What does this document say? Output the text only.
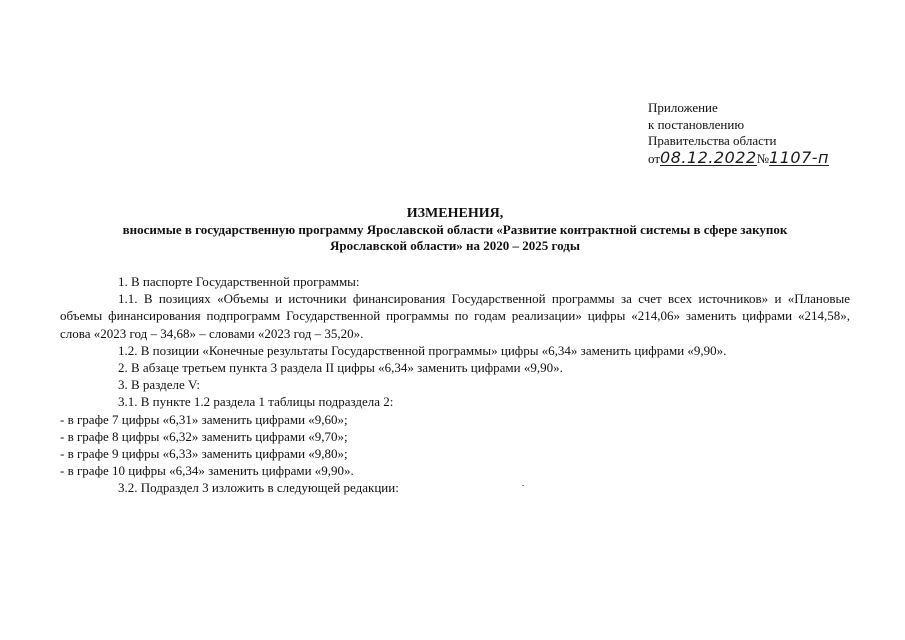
Приложение
к постановлению
Правительства области
от08.12.2022№1107-п
ИЗМЕНЕНИЯ,
вносимые в государственную программу Ярославской области «Развитие контрактной системы в сфере закупок
Ярославской области» на 2020 – 2025 годы

1. В паспорте Государственной программы:

1.1. В позициях «Объемы и источники финансирования Государственной программы за счет всех источников» и «Плановые объемы финансирования подпрограмм Государственной программы по годам реализации» цифры «214,06» заменить цифрами «214,58», слова «2023 год – 34,68» – словами «2023 год – 35,20».

1.2. В позиции «Конечные результаты Государственной программы» цифры «6,34» заменить цифрами «9,90».

2. В абзаце третьем пункта 3 раздела II цифры «6,34» заменить цифрами «9,90».

3. В разделе V:

3.1. В пункте 1.2 раздела 1 таблицы подраздела 2:

- в графе 7 цифры «6,31» заменить цифрами «9,60»;

- в графе 8 цифры «6,32» заменить цифрами «9,70»;

- в графе 9 цифры «6,33» заменить цифрами «9,80»;

- в графе 10 цифры «6,34» заменить цифрами «9,90».

3.2. Подраздел 3 изложить в следующей редакции:
